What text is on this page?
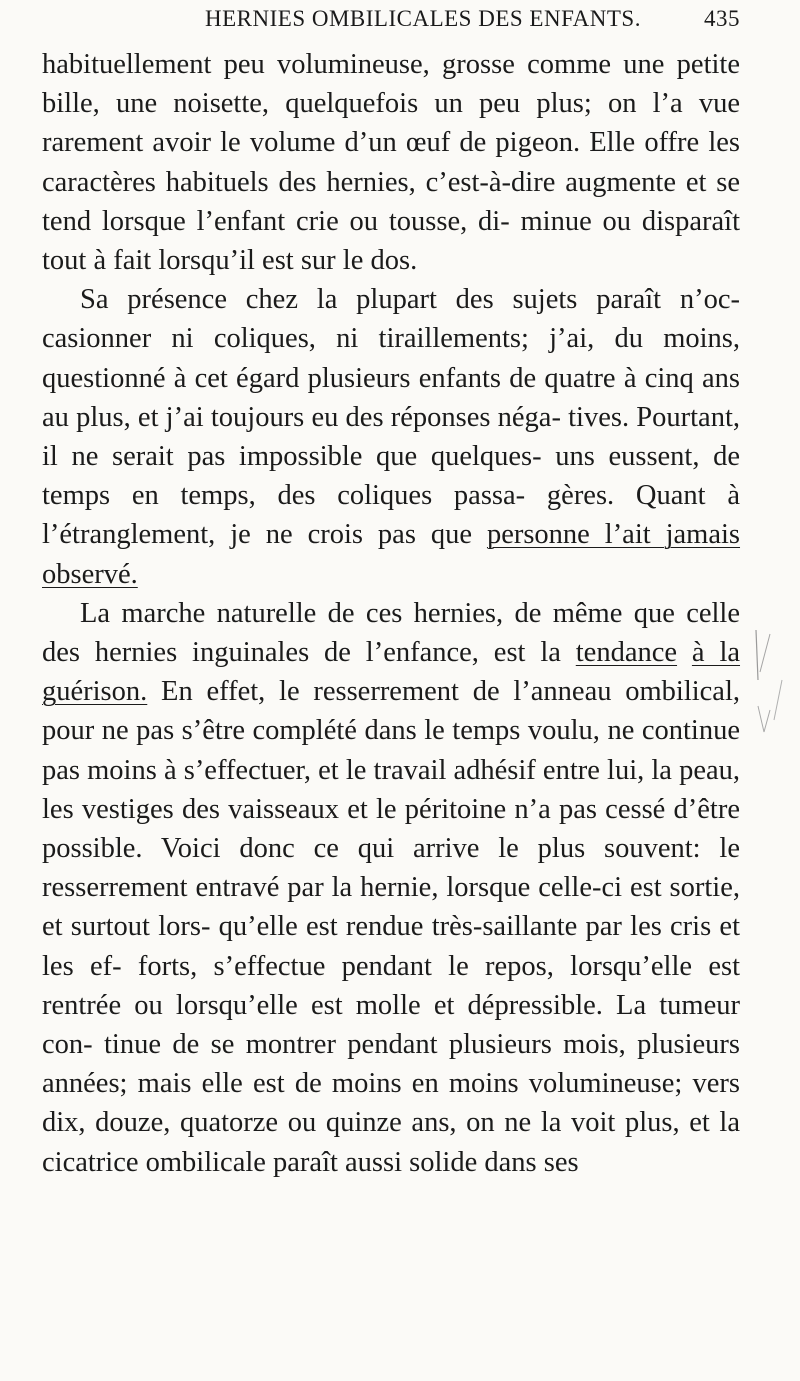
HERNIES OMBILICALES DES ENFANTS.	435

habituellement peu volumineuse, grosse comme une petite bille, une noisette, quelquefois un peu plus; on l’a vue rarement avoir le volume d’un œuf de pigeon. Elle offre les caractères habituels des hernies, c’est-à-dire augmente et se tend lorsque l’enfant crie ou tousse, di- minue ou disparaît tout à fait lorsqu’il est sur le dos.

Sa présence chez la plupart des sujets paraît n’oc- casionner ni coliques, ni tiraillements; j’ai, du moins, questionné à cet égard plusieurs enfants de quatre à cinq ans au plus, et j’ai toujours eu des réponses néga- tives. Pourtant, il ne serait pas impossible que quelques- uns eussent, de temps en temps, des coliques passa- gères. Quant à l’étranglement, je ne crois pas que personne l’ait jamais observé.

La marche naturelle de ces hernies, de même que celle des hernies inguinales de l’enfance, est la tendance à la guérison. En effet, le resserrement de l’anneau ombilical, pour ne pas s’être complété dans le temps voulu, ne continue pas moins à s’effectuer, et le travail adhésif entre lui, la peau, les vestiges des vaisseaux et le péritoine n’a pas cessé d’être possible. Voici donc ce qui arrive le plus souvent: le resserrement entravé par la hernie, lorsque celle-ci est sortie, et surtout lors- qu’elle est rendue très-saillante par les cris et les ef- forts, s’effectue pendant le repos, lorsqu’elle est rentrée ou lorsqu’elle est molle et dépressible. La tumeur con- tinue de se montrer pendant plusieurs mois, plusieurs années; mais elle est de moins en moins volumineuse; vers dix, douze, quatorze ou quinze ans, on ne la voit plus, et la cicatrice ombilicale paraît aussi solide dans ses
